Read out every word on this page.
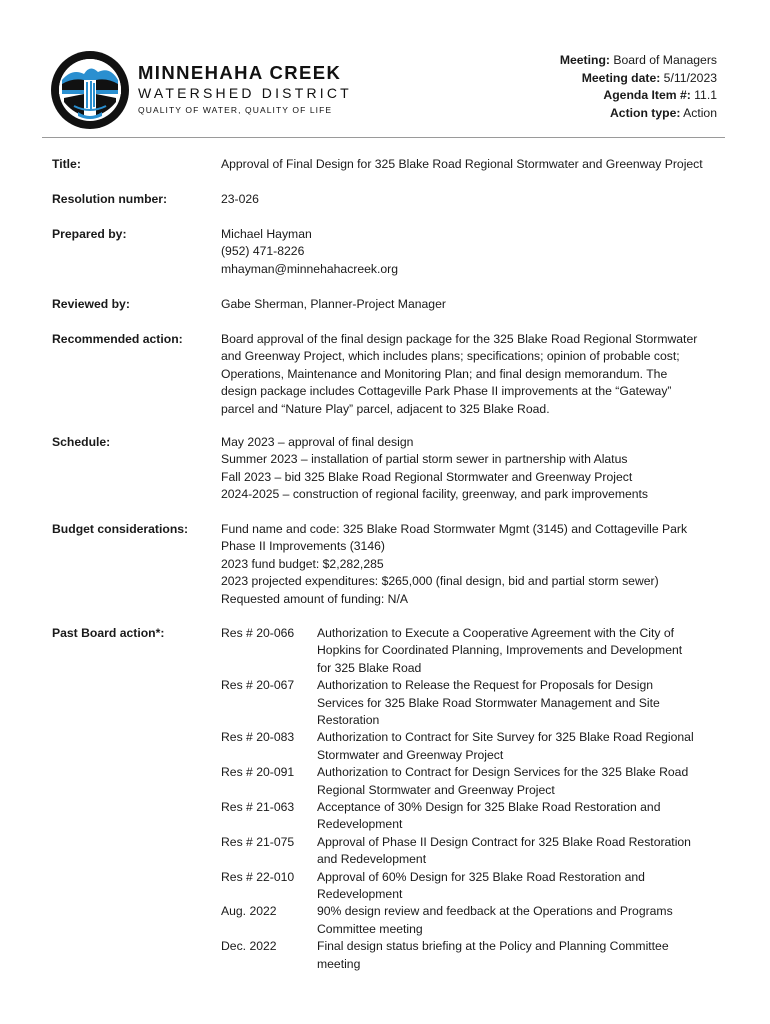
MINNEHAHA CREEK
WATERSHED DISTRICT
QUALITY OF WATER, QUALITY OF LIFE
Meeting: Board of Managers
Meeting date: 5/11/2023
Agenda Item #: 11.1
Action type: Action
Title:	Approval of Final Design for 325 Blake Road Regional Stormwater and Greenway Project
Resolution number:	23-026
Prepared by:	Michael Hayman
(952) 471-8226
mhayman@minnehahacreek.org
Reviewed by:	Gabe Sherman, Planner-Project Manager
Recommended action:	Board approval of the final design package for the 325 Blake Road Regional Stormwater
and Greenway Project, which includes plans; specifications; opinion of probable cost;
Operations, Maintenance and Monitoring Plan; and final design memorandum. The
design package includes Cottageville Park Phase II improvements at the “Gateway”
parcel and “Nature Play” parcel, adjacent to 325 Blake Road.
Schedule:	May 2023 – approval of final design
Summer 2023 – installation of partial storm sewer in partnership with Alatus
Fall 2023 – bid 325 Blake Road Regional Stormwater and Greenway Project
2024-2025 – construction of regional facility, greenway, and park improvements
Budget considerations:	Fund name and code: 325 Blake Road Stormwater Mgmt (3145) and Cottageville Park
Phase II Improvements (3146)
2023 fund budget: $2,282,285
2023 projected expenditures: $265,000 (final design, bid and partial storm sewer)
Requested amount of funding: N/A
Past Board action*:	Res # 20-066 Authorization to Execute a Cooperative Agreement with the City of
Hopkins for Coordinated Planning, Improvements and Development
for 325 Blake Road
Res # 20-067 Authorization to Release the Request for Proposals for Design
Services for 325 Blake Road Stormwater Management and Site
Restoration
Res # 20-083 Authorization to Contract for Site Survey for 325 Blake Road Regional
Stormwater and Greenway Project
Res # 20-091 Authorization to Contract for Design Services for the 325 Blake Road
Regional Stormwater and Greenway Project
Res # 21-063 Acceptance of 30% Design for 325 Blake Road Restoration and
Redevelopment
Res # 21-075 Approval of Phase II Design Contract for 325 Blake Road Restoration
and Redevelopment
Res # 22-010 Approval of 60% Design for 325 Blake Road Restoration and
Redevelopment
Aug. 2022	90% design review and feedback at the Operations and Programs
Committee meeting
Dec. 2022	Final design status briefing at the Policy and Planning Committee
meeting
